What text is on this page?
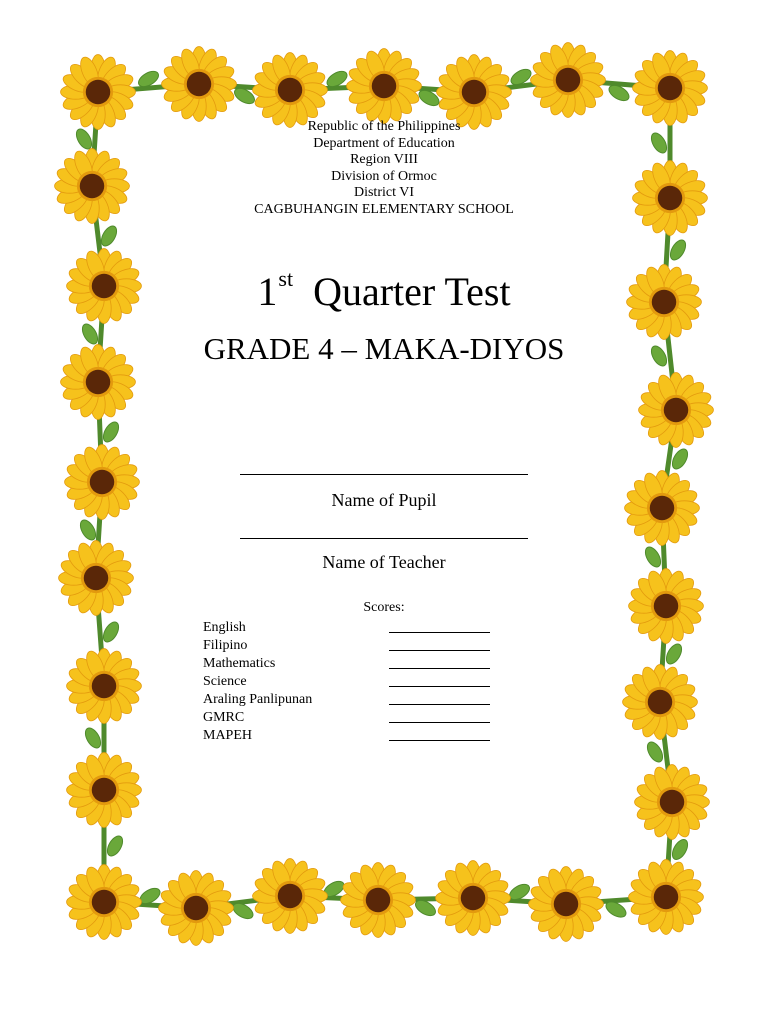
Republic of the Philippines
Department of Education
Region VIII
Division of Ormoc
District VI
CAGBUHANGIN ELEMENTARY SCHOOL
1st Quarter Test
GRADE 4 – MAKA-DIYOS
Name of Pupil
Name of Teacher
Scores:
English
Filipino
Mathematics
Science
Araling Panlipunan
GMRC
MAPEH
